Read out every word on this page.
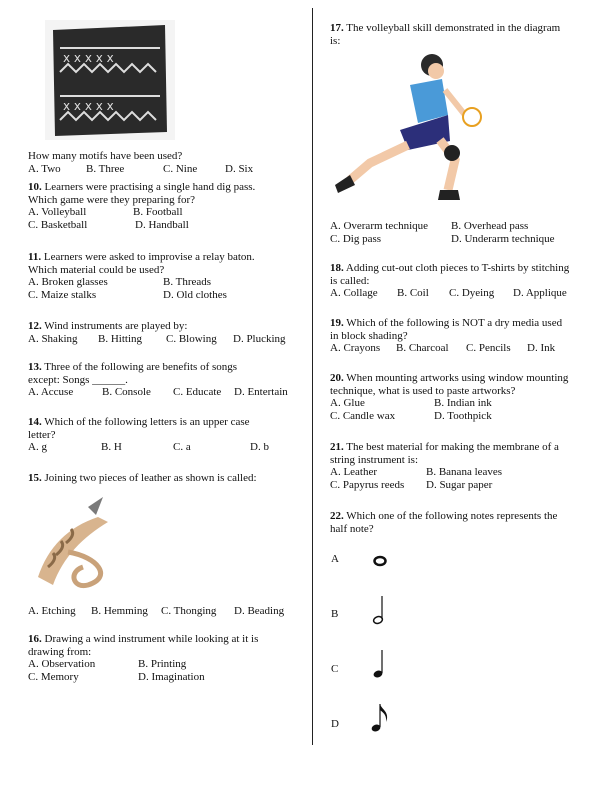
x x x x x
x x x x x
How many motifs have been used?
A. Two B. Three	C. Nine	D. Six
10. Learners were practising a single hand dig pass.
Which game were they preparing for?
A. Volleyball	B. Football
C. Basketball	D. Handball
11. Learners were asked to improvise a relay baton.
Which material could be used?
A. Broken glasses	B. Threads
C. Maize stalks	D. Old clothes
12. Wind instruments are played by:
A. Shaking B. Hitting C. Blowing D. Plucking
13. Three of the following are benefits of songs
except: Songs ______.
A. Accuse	B. Console C. Educate D. Entertain
14. Which of the following letters is an upper case
letter?
A. g	B. H	C. a	D. b
15. Joining two pieces of leather as shown is called:
A. Etching B. Hemming C. Thonging D. Beading
16. Drawing a wind instrument while looking at it is
drawing from:
A. Observation	B. Printing
C. Memory	D. Imagination
17. The volleyball skill demonstrated in the diagram
is:
A. Overarm technique B. Overhead pass
C. Dig pass	D. Underarm technique
18. Adding cut-out cloth pieces to T-shirts by stitching
is called:
A. Collage B. Coil C. Dyeing D. Applique
19. Which of the following is NOT a dry media used
in block shading?
A. Crayons B. Charcoal C. Pencils D. Ink
20. When mounting artworks using window mounting
technique, what is used to paste artworks?
A. Glue	B. Indian ink
C. Candle wax	D. Toothpick
21. The best material for making the membrane of a
string instrument is:
A. Leather	B. Banana leaves
C. Papyrus reeds D. Sugar paper
22. Which one of the following notes represents the
half note?
A
B
C
D
